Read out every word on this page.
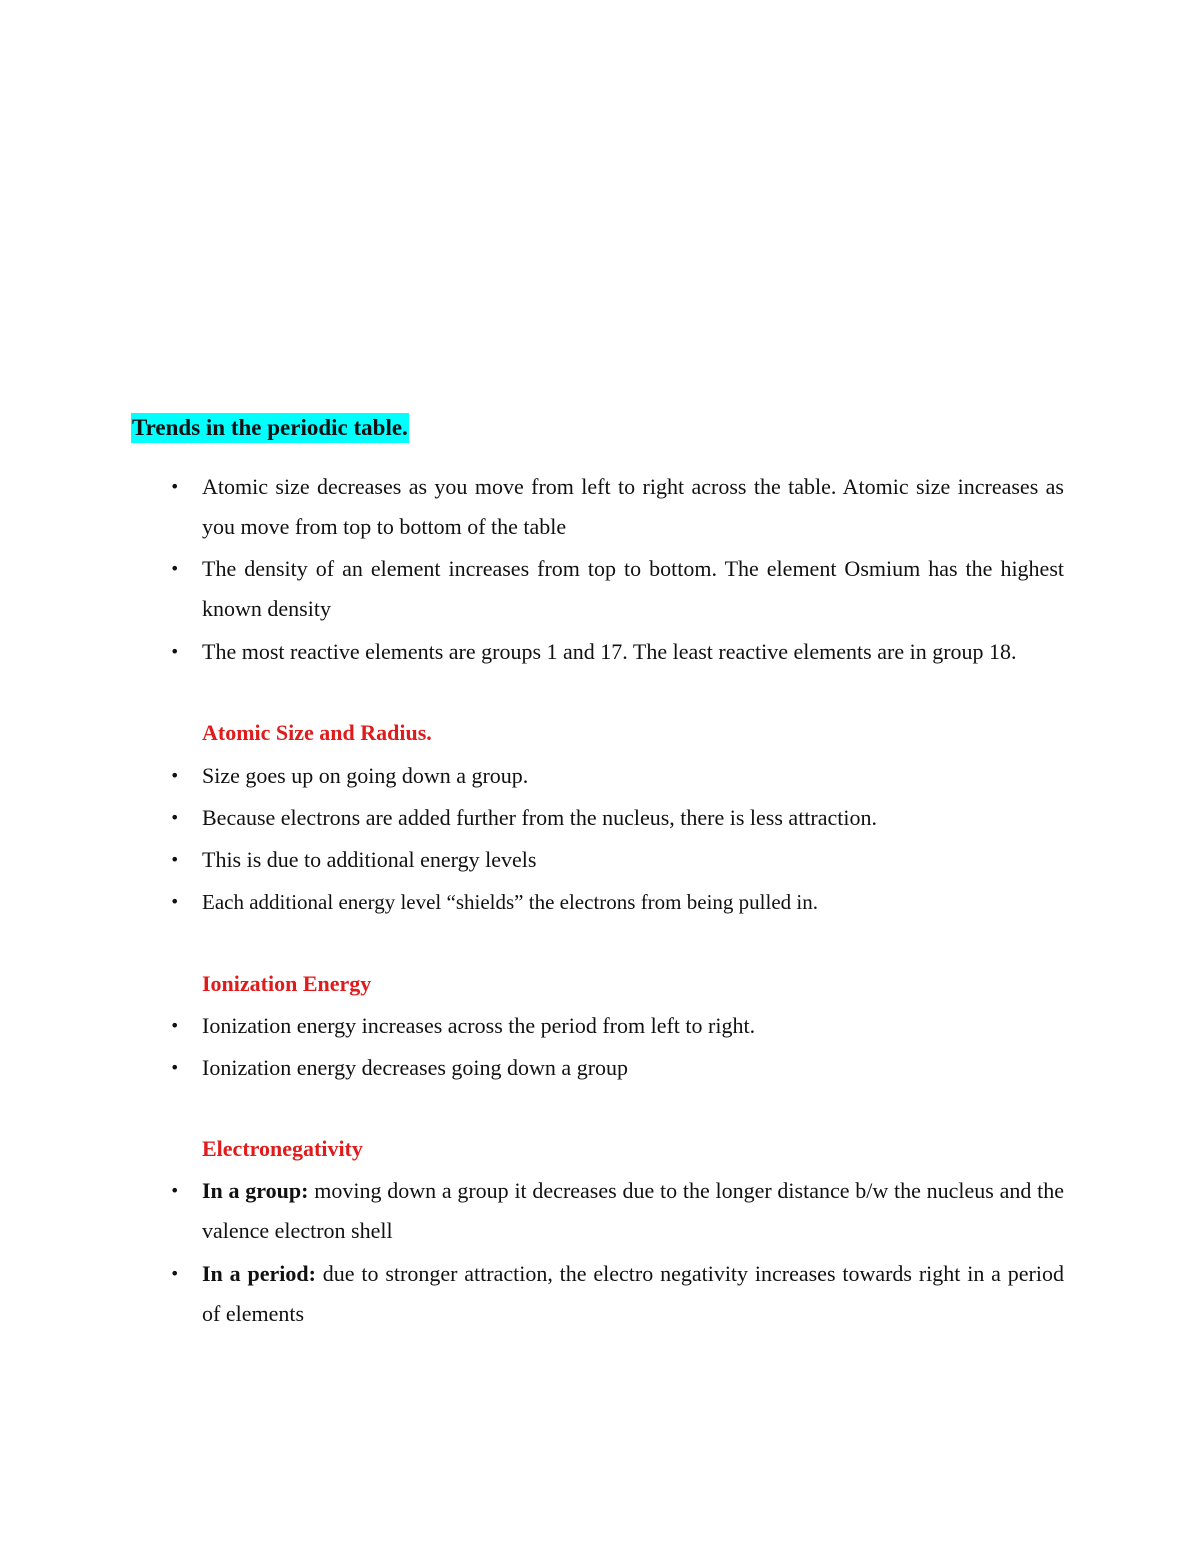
Trends in the periodic table.
• Atomic size decreases as you move from left to right across the table. Atomic size increases as you move from top to bottom of the table
• The density of an element increases from top to bottom. The element Osmium has the highest known density
• The most reactive elements are groups 1 and 17. The least reactive elements are in group 18.
Atomic Size and Radius.
• Size goes up on going down a group.
• Because electrons are added further from the nucleus, there is less attraction.
• This is due to additional energy levels
• Each additional energy level “shields” the electrons from being pulled in.
Ionization Energy
• Ionization energy increases across the period from left to right.
• Ionization energy decreases going down a group
Electronegativity
• In a group: moving down a group it decreases due to the longer distance b/w the nucleus and the valence electron shell
• In a period: due to stronger attraction, the electro negativity increases towards right in a period of elements
